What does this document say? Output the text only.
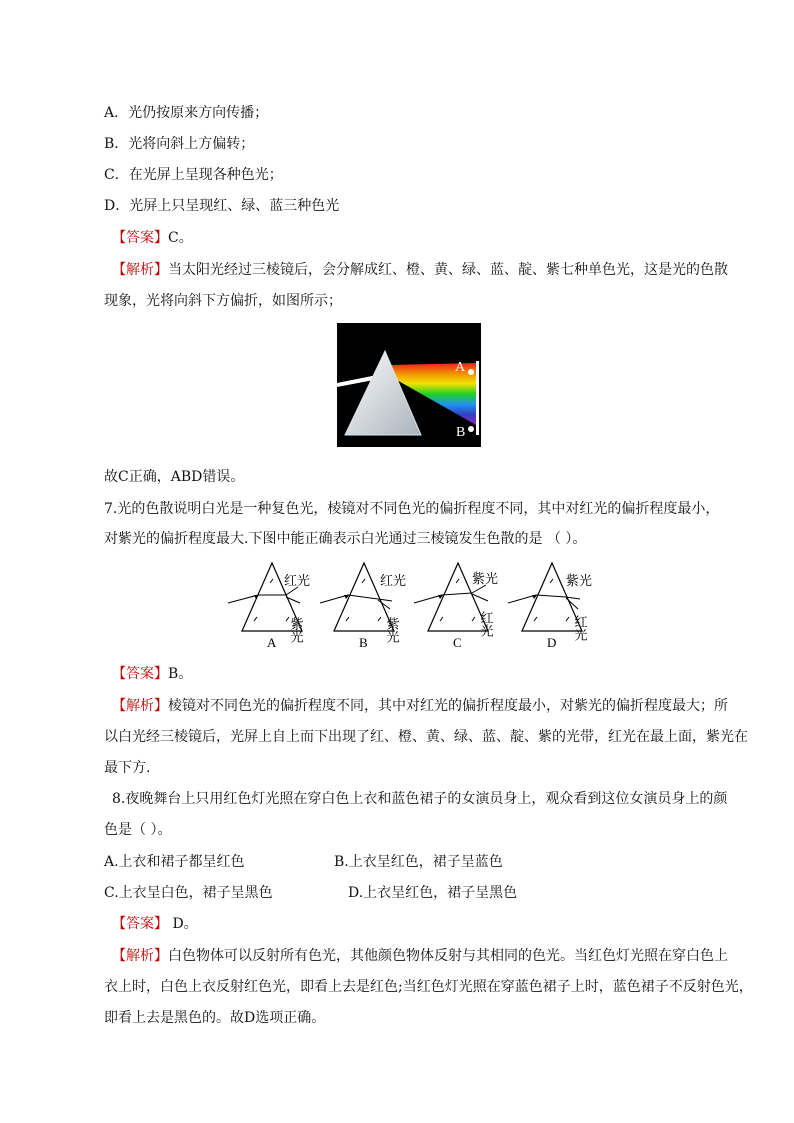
A．光仍按原来方向传播；
B．光将向斜上方偏转；
C．在光屏上呈现各种色光；
D．光屏上只呈现红、绿、蓝三种色光
【答案】C。
【解析】当太阳光经过三棱镜后，会分解成红、橙、黄、绿、蓝、靛、紫七种单色光，这是光的色散
现象，光将向斜下方偏折，如图所示；
A
B
故C正确，ABD错误。
7.光的色散说明白光是一种复色光，棱镜对不同色光的偏折程度不同，其中对红光的偏折程度最小，
对紫光的偏折程度最大.下图中能正确表示白光通过三棱镜发生色散的是 （ ）。
红光
紫光
A
红光
紫光
B
紫光
红光
C
紫光
红光
D
【答案】B。
【解析】棱镜对不同色光的偏折程度不同，其中对红光的偏折程度最小，对紫光的偏折程度最大；所
以白光经三棱镜后，光屏上自上而下出现了红、橙、黄、绿、蓝、靛、紫的光带，红光在最上面，紫光在
最下方.
8.夜晚舞台上只用红色灯光照在穿白色上衣和蓝色裙子的女演员身上，观众看到这位女演员身上的颜
色是（ ）。
A.上衣和裙子都呈红色	B.上衣呈红色，裙子呈蓝色
C.上衣呈白色，裙子呈黑色	D.上衣呈红色，裙子呈黑色
【答案】 D。
【解析】白色物体可以反射所有色光，其他颜色物体反射与其相同的色光。当红色灯光照在穿白色上
衣上时，白色上衣反射红色光，即看上去是红色;当红色灯光照在穿蓝色裙子上时，蓝色裙子不反射色光，
即看上去是黑色的。故D选项正确。
